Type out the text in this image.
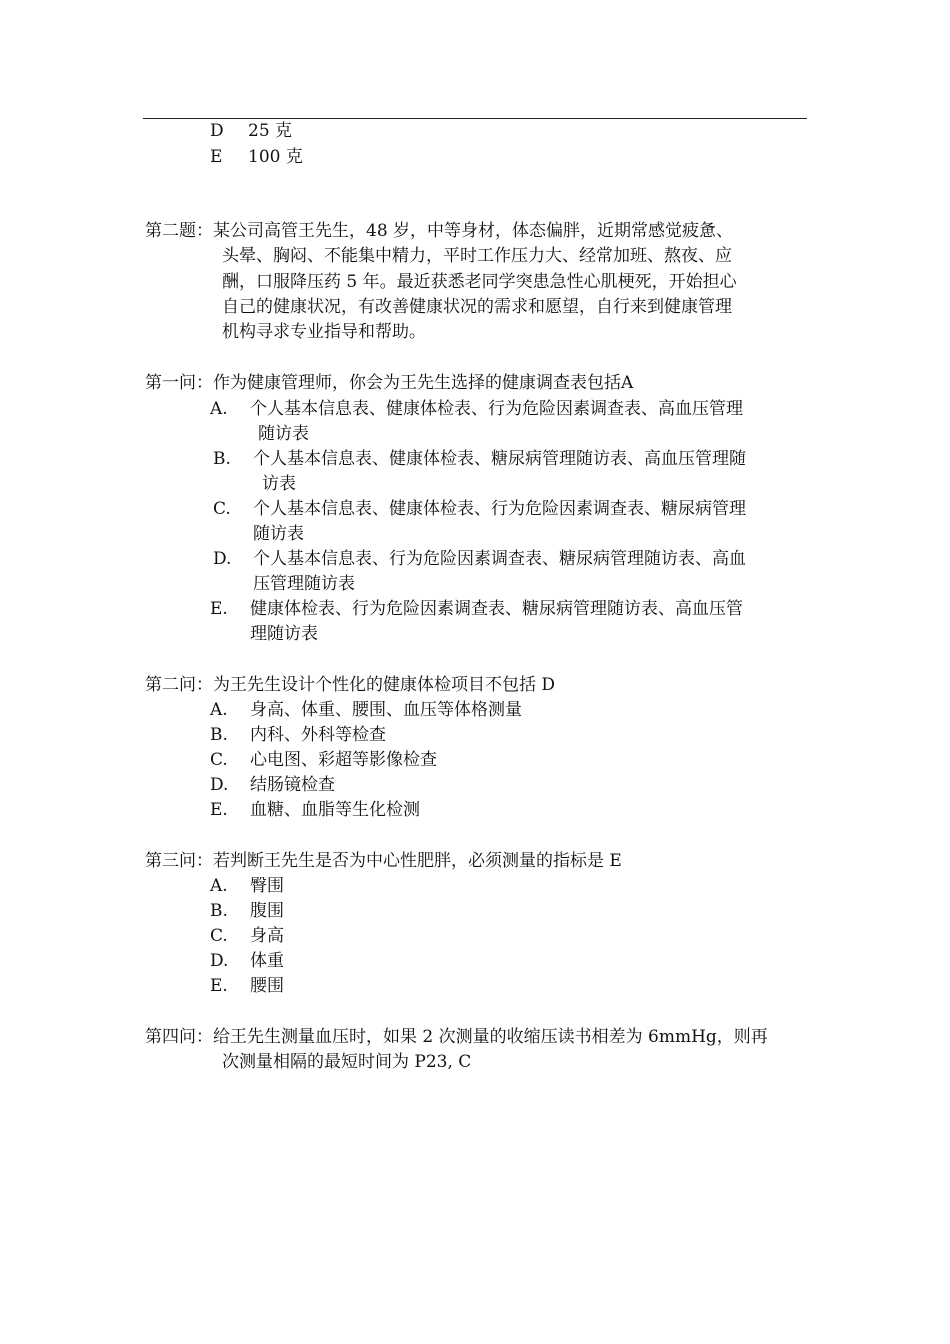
D 25 克
E 100 克
第二题：某公司高管王先生，48 岁，中等身材，体态偏胖，近期常感觉疲惫、
头晕、胸闷、不能集中精力，平时工作压力大、经常加班、熬夜、应
酬，口服降压药 5 年。最近获悉老同学突患急性心肌梗死，开始担心
自己的健康状况，有改善健康状况的需求和愿望，自行来到健康管理
机构寻求专业指导和帮助。
第一问：作为健康管理师，你会为王先生选择的健康调查表包括A
A. 个人基本信息表、健康体检表、行为危险因素调查表、高血压管理
随访表
B. 个人基本信息表、健康体检表、糖尿病管理随访表、高血压管理随
访表
C. 个人基本信息表、健康体检表、行为危险因素调查表、糖尿病管理
随访表
D. 个人基本信息表、行为危险因素调查表、糖尿病管理随访表、高血
压管理随访表
E. 健康体检表、行为危险因素调查表、糖尿病管理随访表、高血压管
理随访表
第二问：为王先生设计个性化的健康体检项目不包括 D
A. 身高、体重、腰围、血压等体格测量
B. 内科、外科等检查
C. 心电图、彩超等影像检查
D. 结肠镜检查
E. 血糖、血脂等生化检测
第三问：若判断王先生是否为中心性肥胖，必须测量的指标是 E
A. 臀围
B. 腹围
C. 身高
D. 体重
E. 腰围
第四问：给王先生测量血压时，如果 2 次测量的收缩压读书相差为 6mmHg，则再
次测量相隔的最短时间为 P23, C
